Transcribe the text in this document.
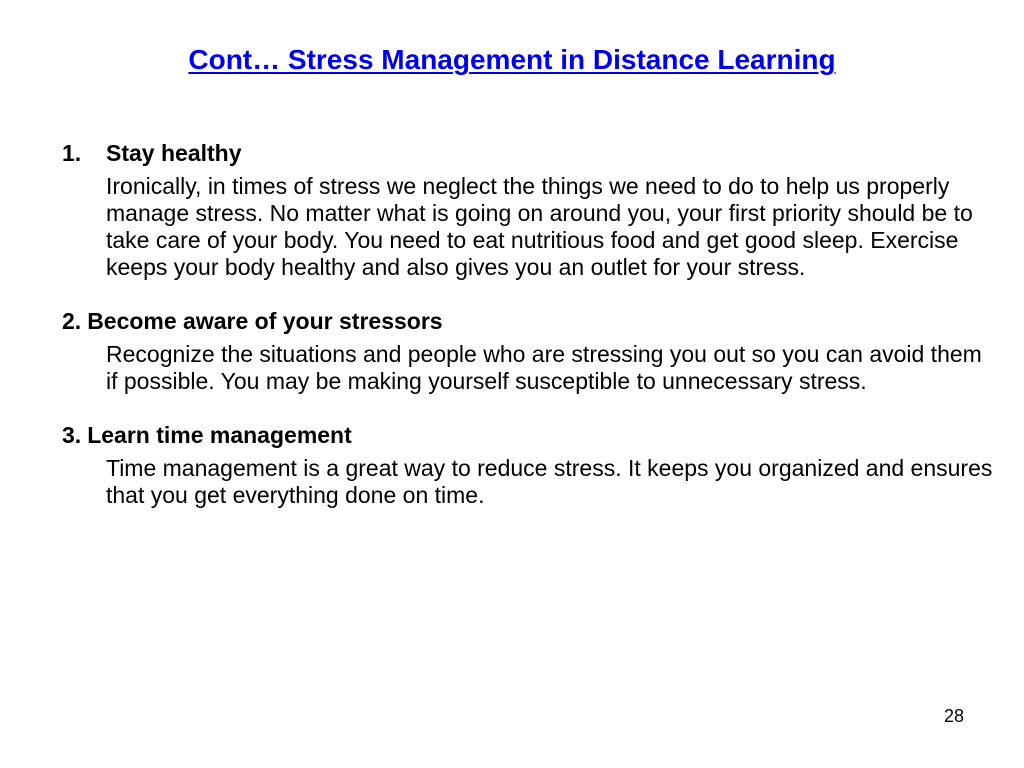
Cont… Stress Management in Distance Learning
1. Stay healthy
Ironically, in times of stress we neglect the things we need to do to help us properly manage stress. No matter what is going on around you, your first priority should be to take care of your body. You need to eat nutritious food and get good sleep. Exercise keeps your body healthy and also gives you an outlet for your stress.
2. Become aware of your stressors
Recognize the situations and people who are stressing you out so you can avoid them if possible. You may be making yourself susceptible to unnecessary stress.
3. Learn time management
Time management is a great way to reduce stress. It keeps you organized and ensures that you get everything done on time.
28
